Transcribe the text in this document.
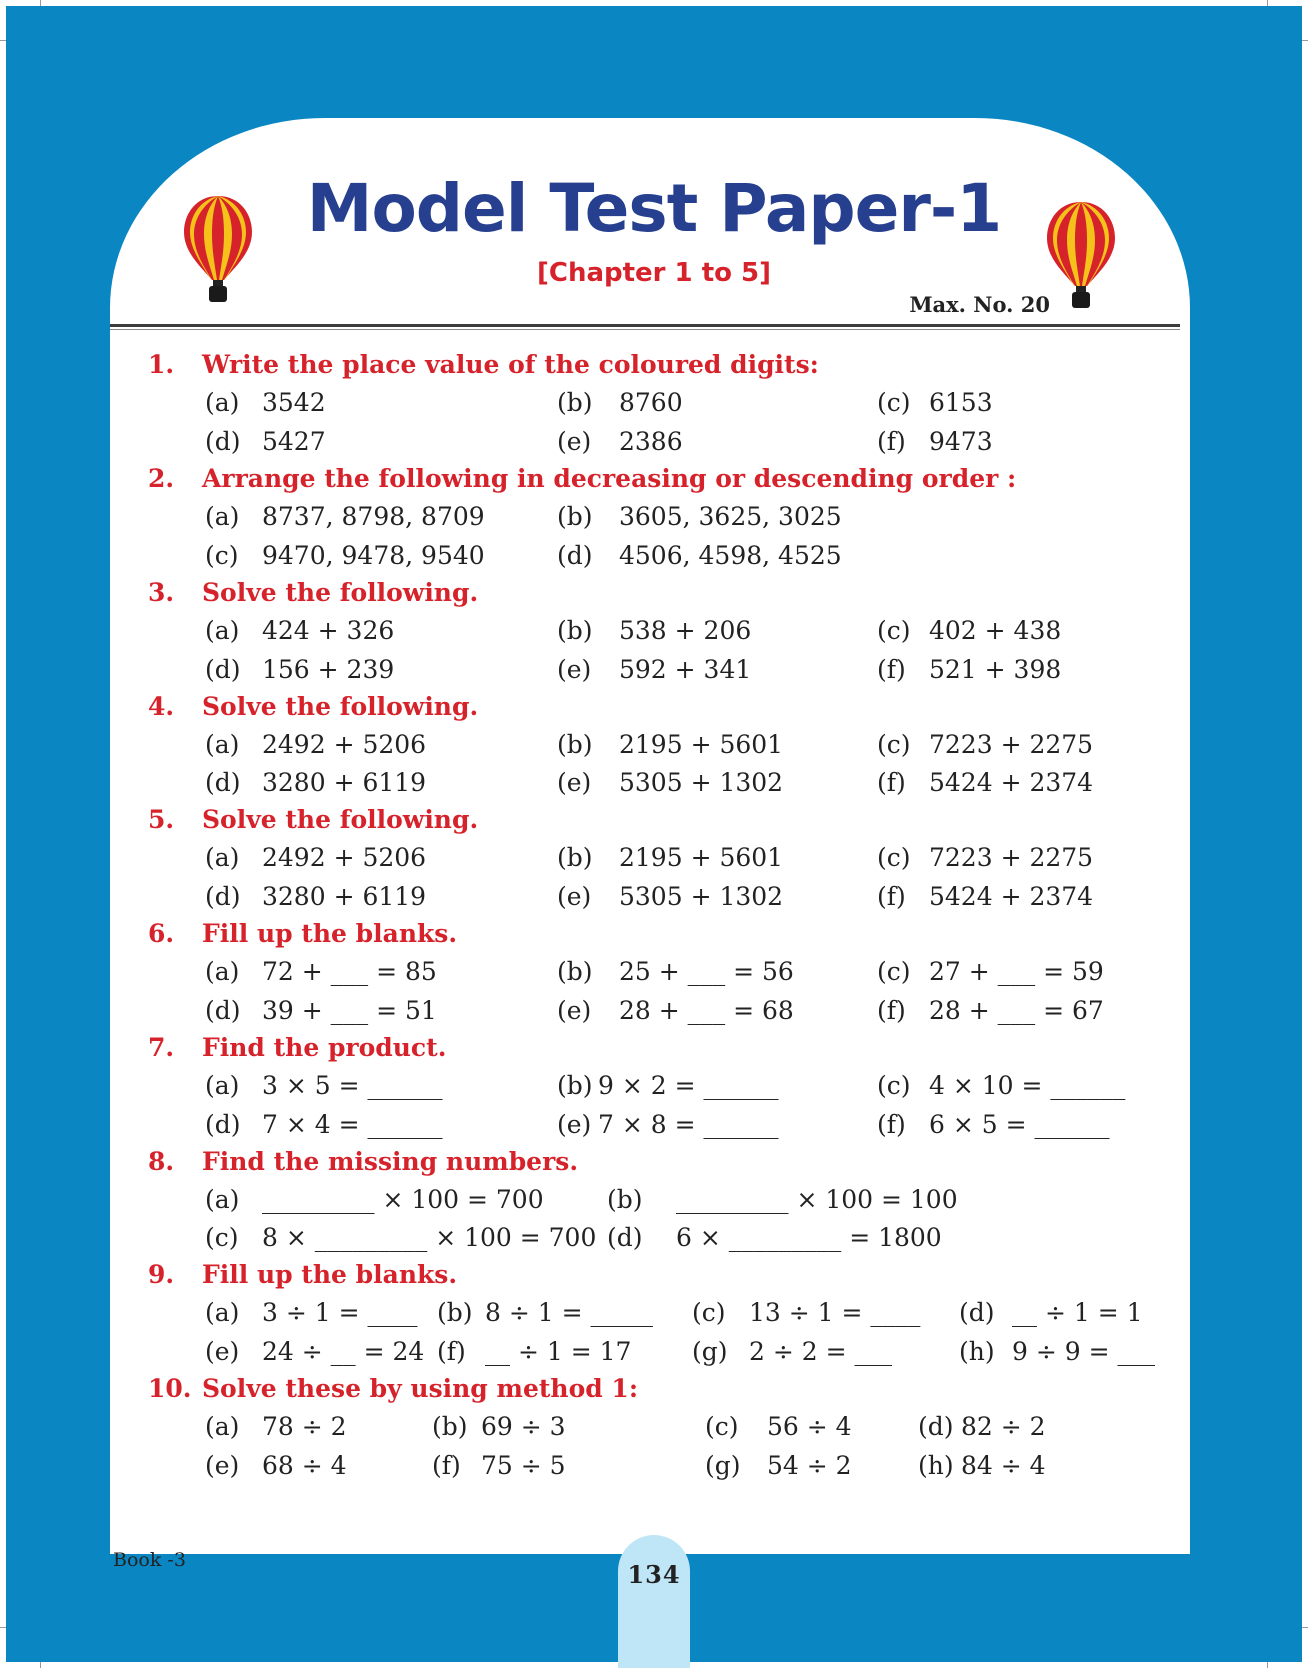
Model Test Paper-1
[Chapter 1 to 5]
Max. No. 20
1. Write the place value of the coloured digits:
(a) 3542	(b) 8760	(c) 6153
(d) 5427	(e) 2386	(f) 9473
2. Arrange the following in decreasing or descending order :
(a) 8737, 8798, 8709	(b) 3605, 3625, 3025
(c) 9470, 9478, 9540	(d) 4506, 4598, 4525
3. Solve the following.
(a) 424 + 326	(b) 538 + 206	(c) 402 + 438
(d) 156 + 239	(e) 592 + 341	(f) 521 + 398
4. Solve the following.
(a) 2492 + 5206	(b) 2195 + 5601	(c) 7223 + 2275
(d) 3280 + 6119	(e) 5305 + 1302	(f) 5424 + 2374
5. Solve the following.
(a) 2492 + 5206	(b) 2195 + 5601	(c) 7223 + 2275
(d) 3280 + 6119	(e) 5305 + 1302	(f) 5424 + 2374
6. Fill up the blanks.
(a) 72 + ___ = 85	(b) 25 + ___ = 56	(c) 27 + ___ = 59
(d) 39 + ___ = 51	(e) 28 + ___ = 68	(f) 28 + ___ = 67
7. Find the product.
(a) 3 × 5 = ______	(b) 9 × 2 = ______	(c) 4 × 10 = ______
(d) 7 × 4 = ______	(e) 7 × 8 = ______	(f) 6 × 5 = ______
8. Find the missing numbers.
(a) _________ × 100 = 700	(b) _________ × 100 = 100
(c) 8 × _________ × 100 = 700 (d) 6 × _________ = 1800
9. Fill up the blanks.
(a) 3 ÷ 1 = ____ (b) 8 ÷ 1 = _____ (c) 13 ÷ 1 = ____ (d) __ ÷ 1 = 1
(e) 24 ÷ __ = 24 (f) __ ÷ 1 = 17 (g) 2 ÷ 2 = ___	(h) 9 ÷ 9 = ___
10. Solve these by using method 1:
(a) 78 ÷ 2	(b) 69 ÷ 3	(c) 56 ÷ 4	(d) 82 ÷ 2
(e) 68 ÷ 4	(f) 75 ÷ 5	(g) 54 ÷ 2	(h) 84 ÷ 4
Book -3	134
